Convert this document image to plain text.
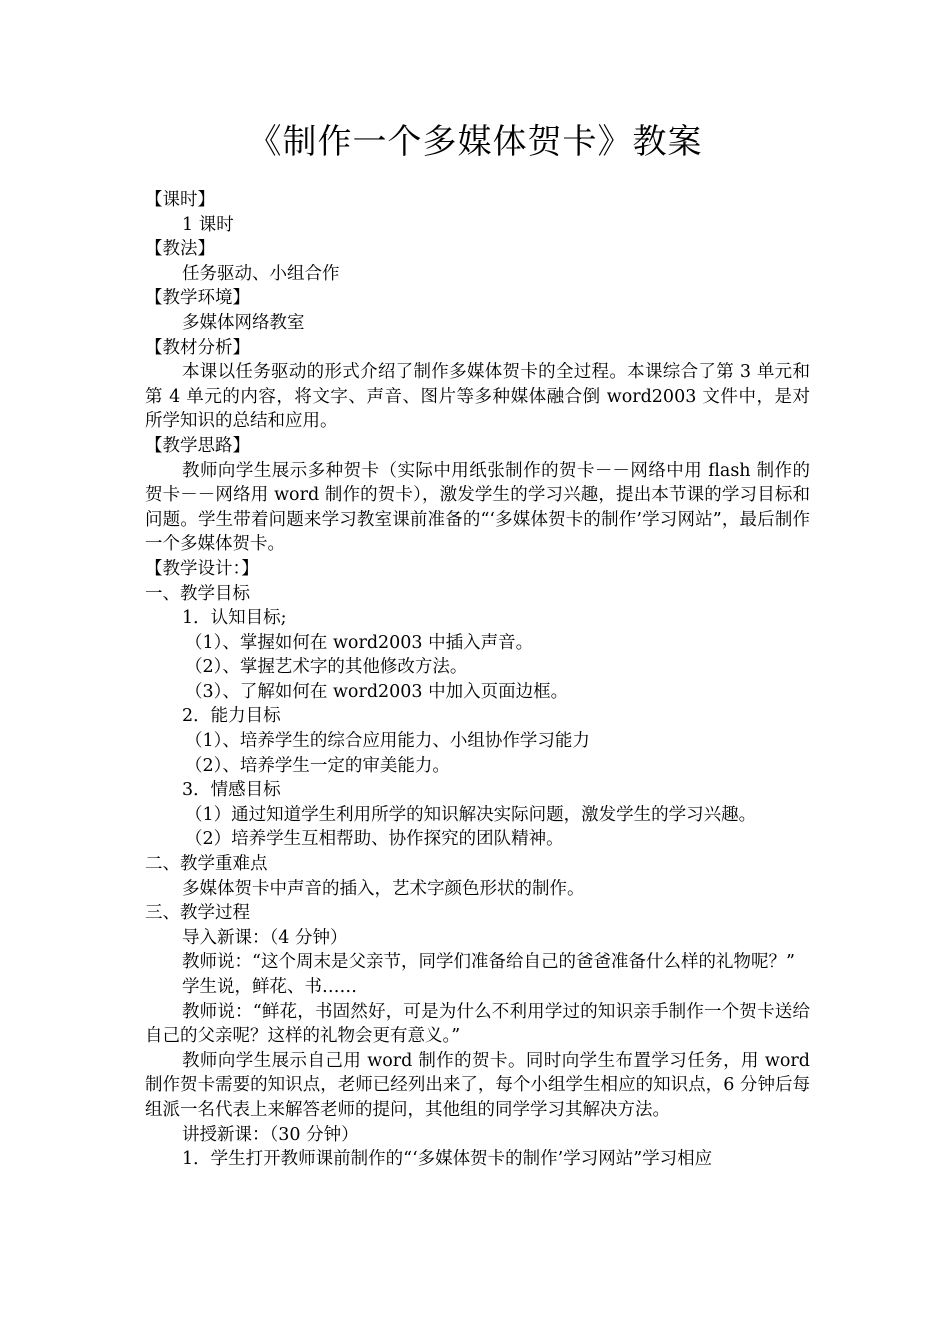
《制作一个多媒体贺卡》教案

【课时】

1 课时

【教法】

任务驱动、小组合作

【教学环境】

多媒体网络教室

【教材分析】

本课以任务驱动的形式介绍了制作多媒体贺卡的全过程。本课综合了第 3 单元和第 4 单元的内容，将文字、声音、图片等多种媒体融合倒 word2003 文件中，是对所学知识的总结和应用。

【教学思路】

教师向学生展示多种贺卡（实际中用纸张制作的贺卡－－网络中用 flash 制作的贺卡－－网络用 word 制作的贺卡），激发学生的学习兴趣，提出本节课的学习目标和问题。学生带着问题来学习教室课前准备的“‘多媒体贺卡的制作’学习网站”，最后制作一个多媒体贺卡。

【教学设计：】

一、教学目标

1．认知目标;

（1）、掌握如何在 word2003 中插入声音。

（2）、掌握艺术字的其他修改方法。

（3）、了解如何在 word2003 中加入页面边框。

2．能力目标

（1）、培养学生的综合应用能力、小组协作学习能力

（2）、培养学生一定的审美能力。

3．情感目标

（1）通过知道学生利用所学的知识解决实际问题，激发学生的学习兴趣。

（2）培养学生互相帮助、协作探究的团队精神。

二、教学重难点

多媒体贺卡中声音的插入，艺术字颜色形状的制作。

三、教学过程

导入新课：（4 分钟）

教师说：“这个周末是父亲节，同学们准备给自己的爸爸准备什么样的礼物呢？”

学生说，鲜花、书……

教师说：“鲜花，书固然好，可是为什么不利用学过的知识亲手制作一个贺卡送给自己的父亲呢？这样的礼物会更有意义。”

教师向学生展示自己用 word 制作的贺卡。同时向学生布置学习任务，用 word 制作贺卡需要的知识点，老师已经列出来了，每个小组学生相应的知识点，6 分钟后每组派一名代表上来解答老师的提问，其他组的同学学习其解决方法。

讲授新课：（30 分钟）

1．学生打开教师课前制作的“‘多媒体贺卡的制作’学习网站”学习相应
